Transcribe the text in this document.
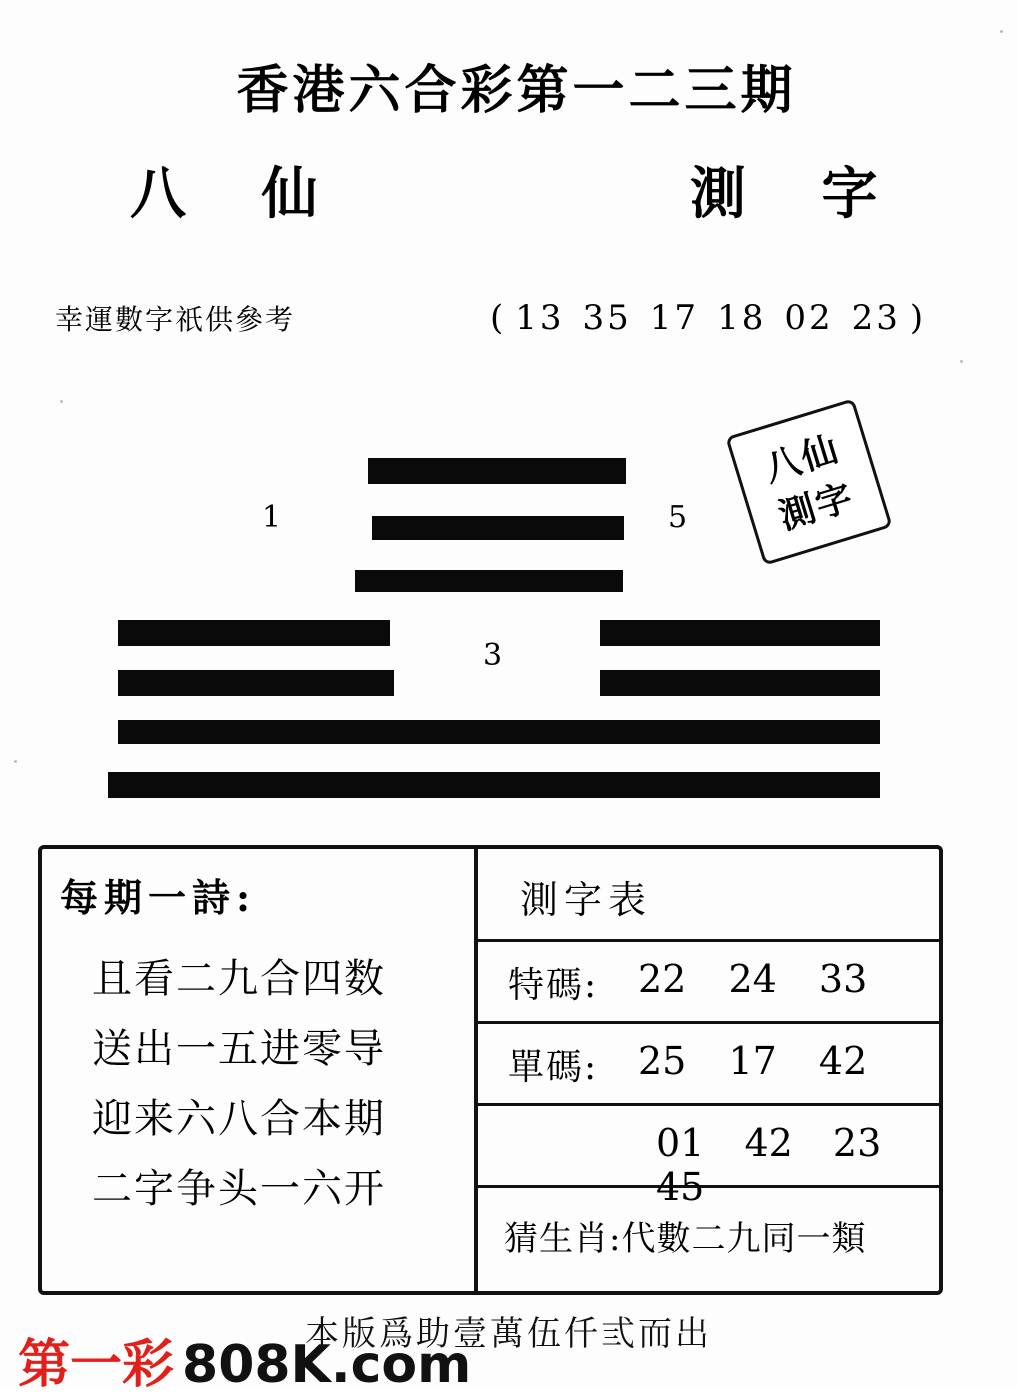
香港六合彩第一二三期
八 仙	測 字
幸運數字祇供參考	( 13 35 17 18 02 23 )
1	5
3
八仙
測字
每期一詩:
且看二九合四数
送出一五进零导
迎来六八合本期
二字争头一六开
測字表
特碼: 22 24 33
單碼: 25 17 42
01 42 23 45
猜生肖:代數二九同一類
本版爲助壹萬伍仟弎而出
第一彩 808K.com
